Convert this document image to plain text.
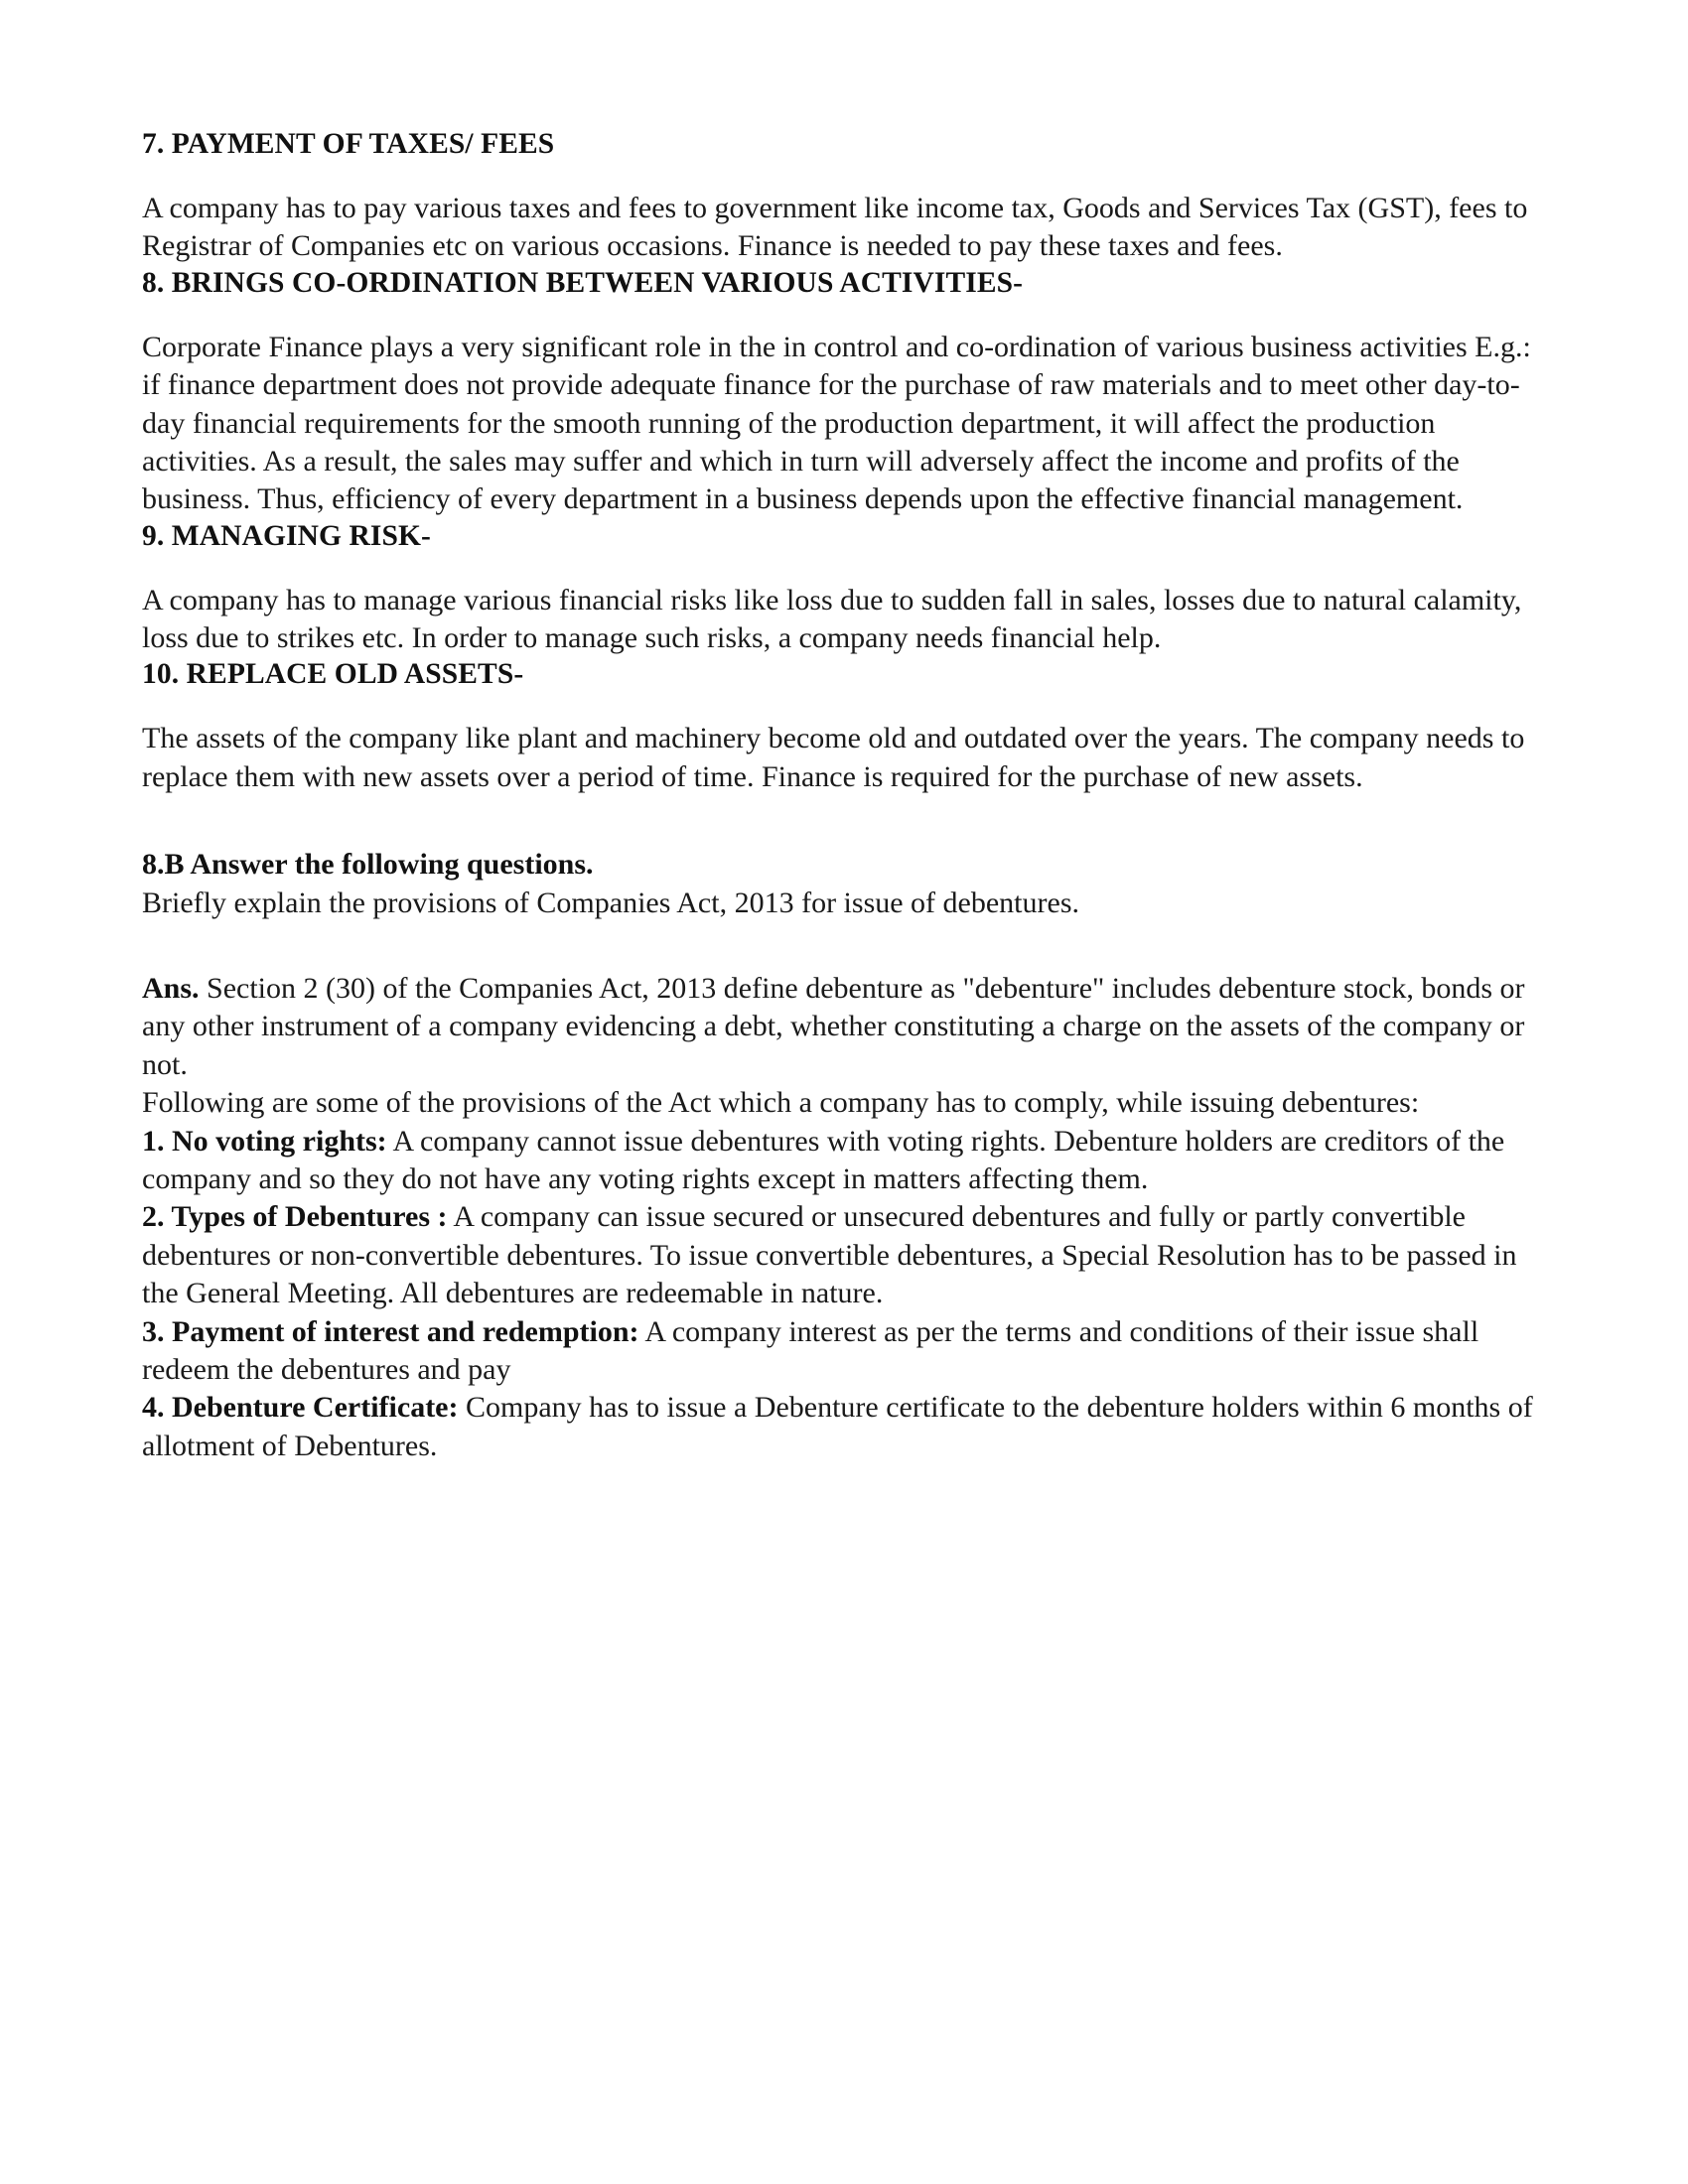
7. PAYMENT OF TAXES/ FEES

A company has to pay various taxes and fees to government like income tax, Goods and Services Tax (GST), fees to Registrar of Companies etc on various occasions. Finance is needed to pay these taxes and fees.

8. BRINGS CO-ORDINATION BETWEEN VARIOUS ACTIVITIES-

Corporate Finance plays a very significant role in the in control and co-ordination of various business activities E.g.: if finance department does not provide adequate finance for the purchase of raw materials and to meet other day-to-day financial requirements for the smooth running of the production department, it will affect the production activities. As a result, the sales may suffer and which in turn will adversely affect the income and profits of the business. Thus, efficiency of every department in a business depends upon the effective financial management.

9. MANAGING RISK-

A company has to manage various financial risks like loss due to sudden fall in sales, losses due to natural calamity, loss due to strikes etc. In order to manage such risks, a company needs financial help.

10. REPLACE OLD ASSETS-

The assets of the company like plant and machinery become old and outdated over the years. The company needs to replace them with new assets over a period of time. Finance is required for the purchase of new assets.

8.B Answer the following questions.

Briefly explain the provisions of Companies Act, 2013 for issue of debentures.

Ans. Section 2 (30) of the Companies Act, 2013 define debenture as "debenture" includes debenture stock, bonds or any other instrument of a company evidencing a debt, whether constituting a charge on the assets of the company or not.

Following are some of the provisions of the Act which a company has to comply, while issuing debentures:

1. No voting rights: A company cannot issue debentures with voting rights. Debenture holders are creditors of the company and so they do not have any voting rights except in matters affecting them.

2. Types of Debentures : A company can issue secured or unsecured debentures and fully or partly convertible debentures or non-convertible debentures. To issue convertible debentures, a Special Resolution has to be passed in the General Meeting. All debentures are redeemable in nature.

3. Payment of interest and redemption: A company interest as per the terms and conditions of their issue shall redeem the debentures and pay

4. Debenture Certificate: Company has to issue a Debenture certificate to the debenture holders within 6 months of allotment of Debentures.
